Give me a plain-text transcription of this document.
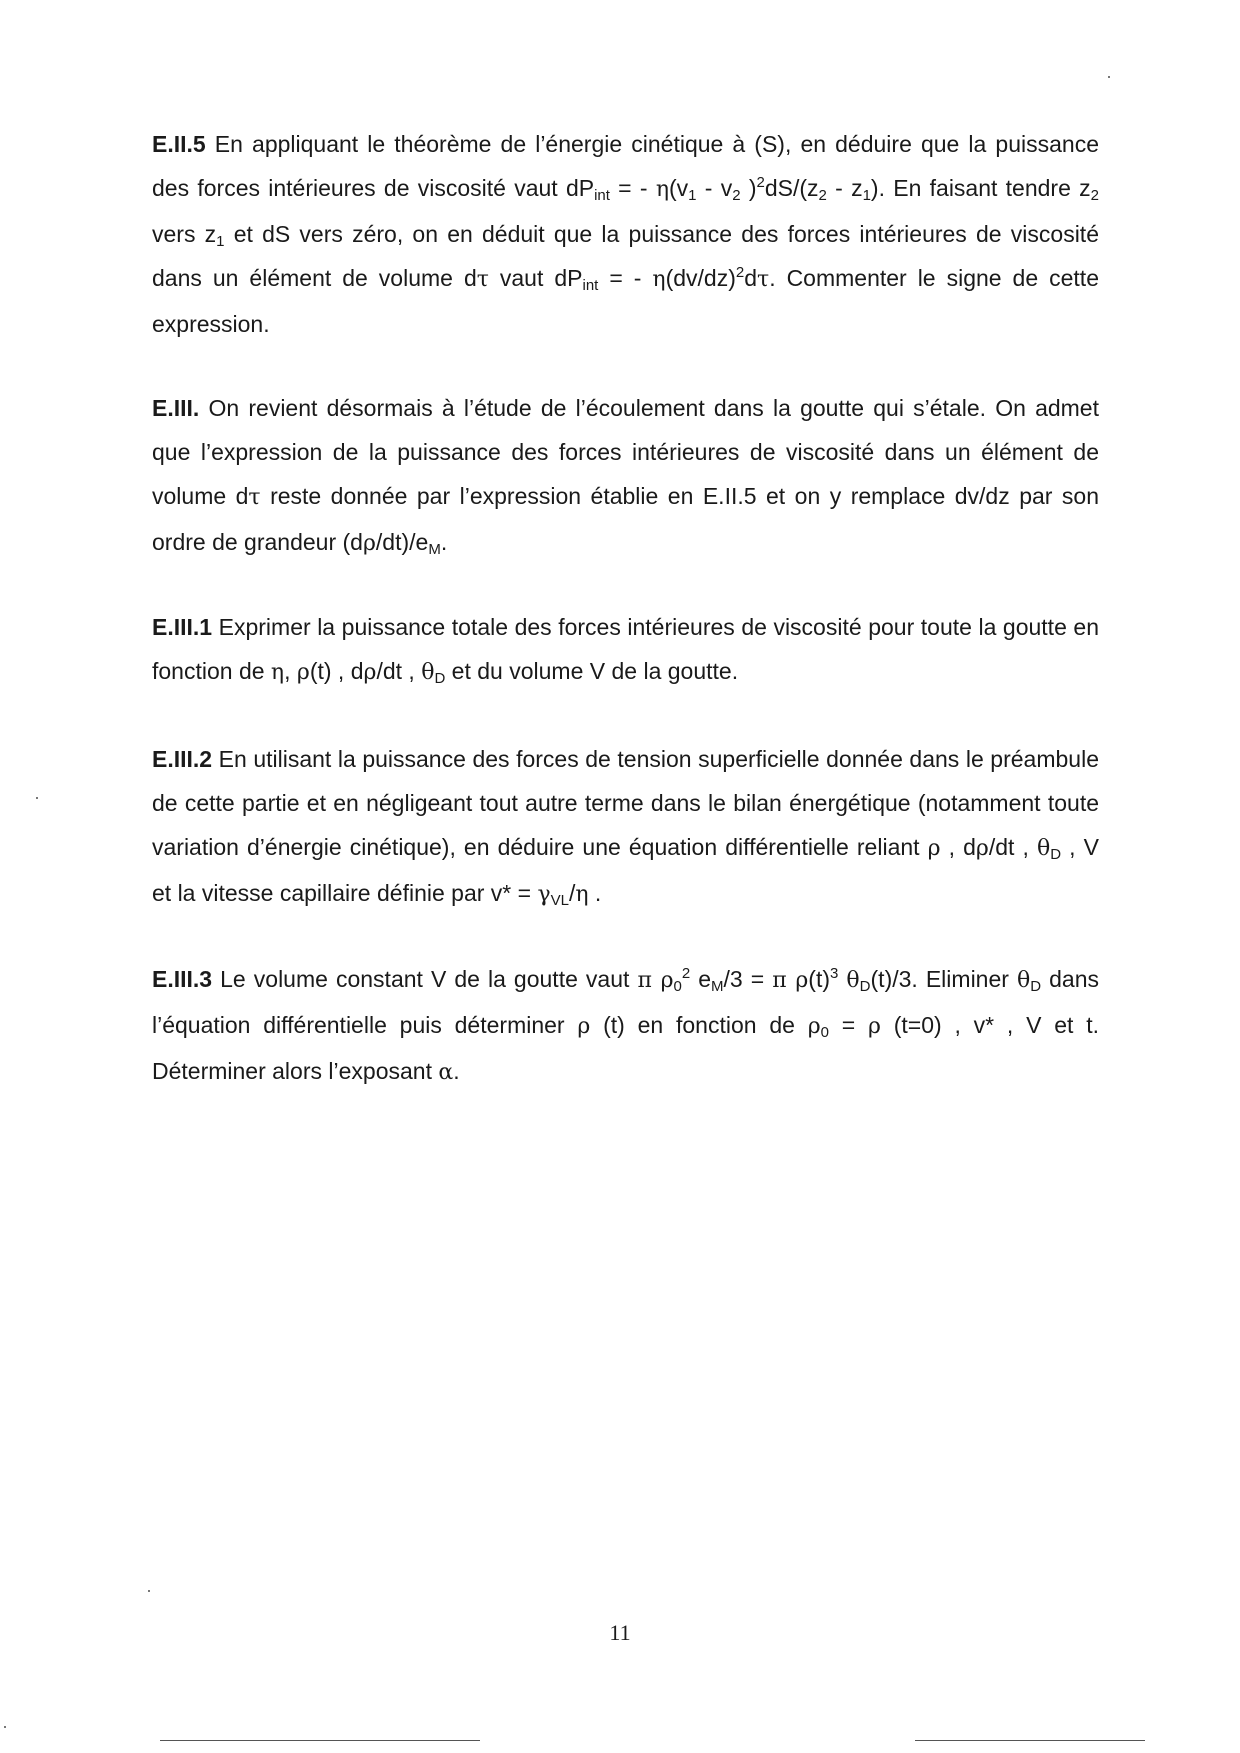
E.II.5 En appliquant le théorème de l’énergie cinétique à (S), en déduire que la puissance des forces intérieures de viscosité vaut $dP_{int}$ = - $\eta(v_1 - v_2$ )$^2dS/(z_2 - z_1)$. En faisant tendre $z_2$ vers $z_1$ et dS vers zéro, on en déduit que la puissance des forces intérieures de viscosité dans un élément de volume dτ vaut $dP_{int}$ = - $\eta(dv/dz)^2d\tau$. Commenter le signe de cette expression.

E.III. On revient désormais à l’étude de l’écoulement dans la goutte qui s’étale. On admet que l’expression de la puissance des forces intérieures de viscosité dans un élément de volume dτ reste donnée par l’expression établie en E.II.5 et on y remplace dv/dz par son ordre de grandeur $(d\rho/dt)/e_M$.

E.III.1 Exprimer la puissance totale des forces intérieures de viscosité pour toute la goutte en fonction de η, ρ(t) , dρ/dt , $\theta_D$ et du volume V de la goutte.

E.III.2 En utilisant la puissance des forces de tension superficielle donnée dans le préambule de cette partie et en négligeant tout autre terme dans le bilan énergétique (notamment toute variation d’énergie cinétique), en déduire une équation différentielle reliant ρ , dρ/dt , $\theta_D$ , V et la vitesse capillaire définie par $v* = \gamma_{VL}/\eta$ .

E.III.3 Le volume constant V de la goutte vaut π $\rho_0^2$ $e_M/3 = \pi$ $\rho(t)^3$ $\theta_D(t)/3$. Eliminer $\theta_D$ dans l’équation différentielle puis déterminer ρ (t) en fonction de $\rho_0 = \rho$ (t=0) , v* , V et t. Déterminer alors l’exposant α.

11
